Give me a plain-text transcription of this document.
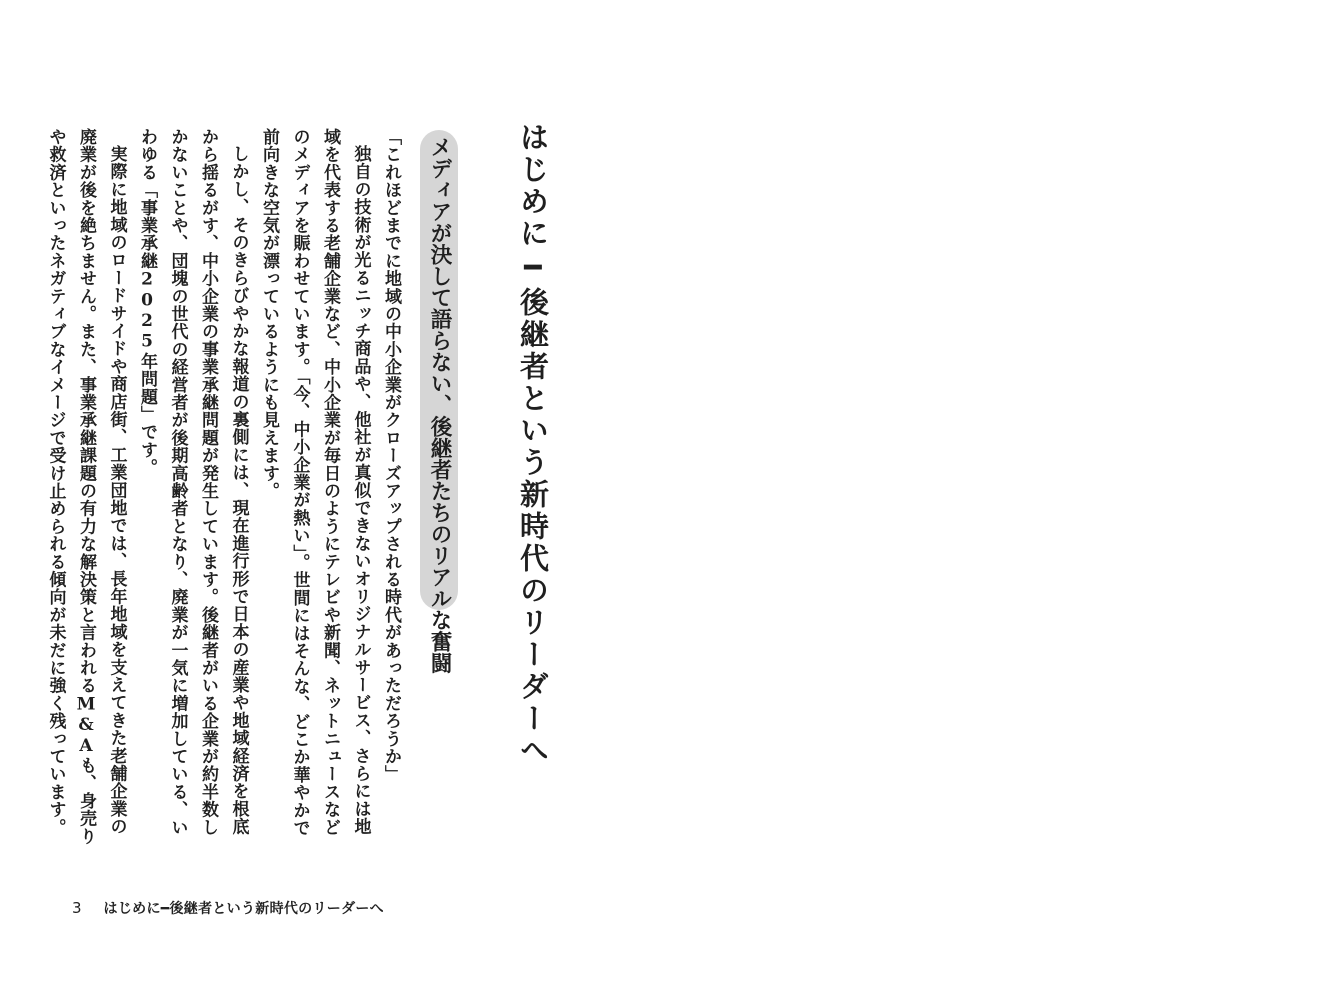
はじめに━後継者という新時代のリーダーへ
メディアが決して語らない、後継者たちのリアルな奮闘

「これほどまでに地域の中小企業がクローズアップされる時代があっただろうか」

独自の技術が光るニッチ商品や、他社が真似できないオリジナルサービス、さらには地域を代表する老舗企業など、中小企業が毎日のようにテレビや新聞、ネットニュースなどのメディアを賑わせています。「今、中小企業が熱い」。世間にはそんな、どこか華やかで前向きな空気が漂っているようにも見えます。

しかし、そのきらびやかな報道の裏側には、現在進行形で日本の産業や地域経済を根底から揺るがす、中小企業の事業承継問題が発生しています。後継者がいる企業が約半数しかないことや、団塊の世代の経営者が後期高齢者となり、廃業が一気に増加している、いわゆる「事業承継2025年問題」です。

実際に地域のロードサイドや商店街、工業団地では、長年地域を支えてきた老舗企業の廃業が後を絶ちません。また、事業承継課題の有力な解決策と言われるM&Aも、身売りや救済といったネガティブなイメージで受け止められる傾向が未だに強く残っています。

3 はじめに━後継者という新時代のリーダーへ
